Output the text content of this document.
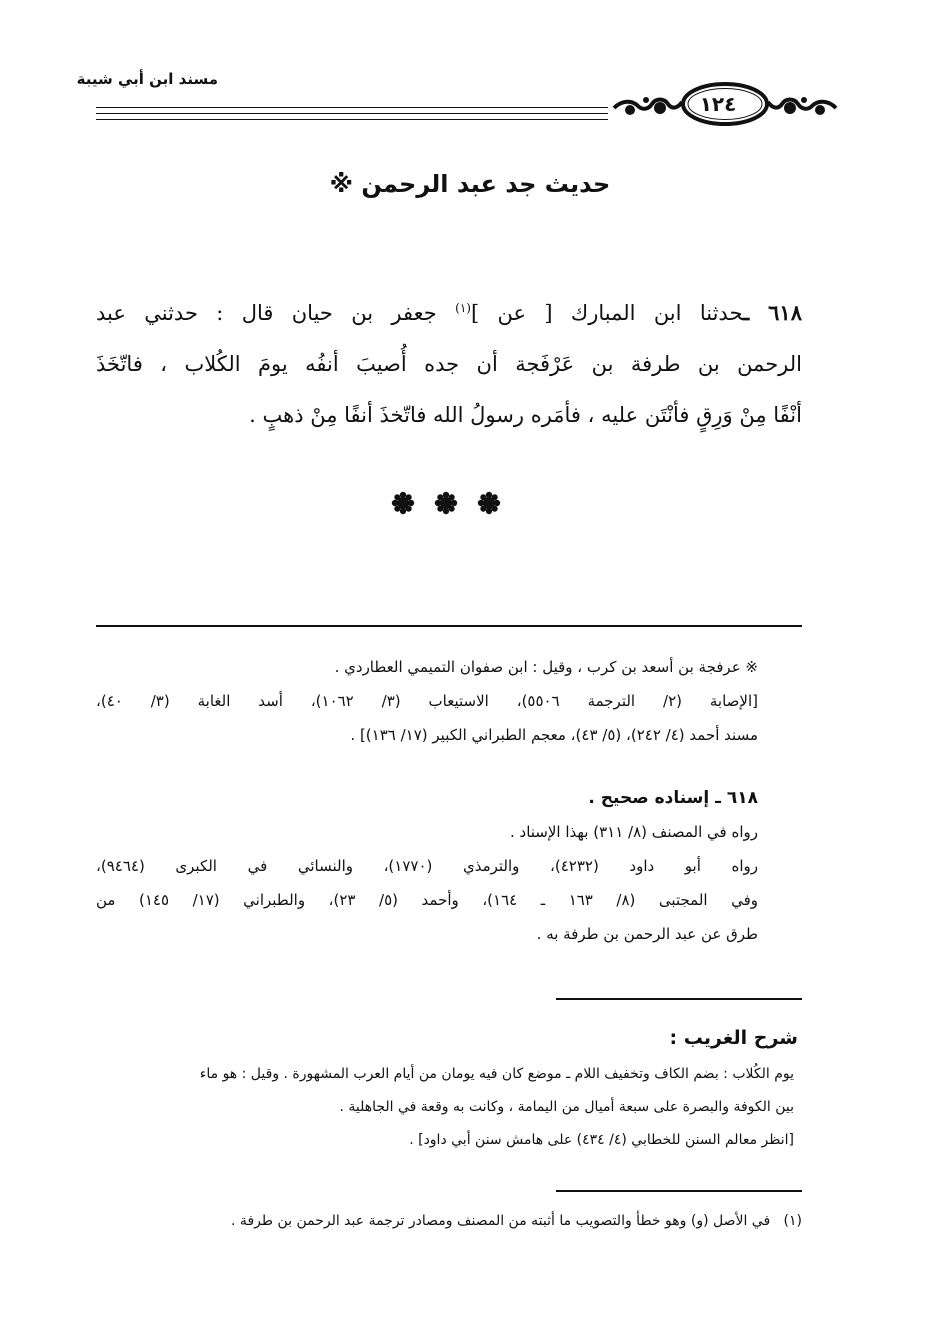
مسند ابن أبي شيبة
١٢٤
حديث جد عبد الرحمن ※
٦١٨ ـحدثنا ابن المبارك [ عن ]$^{(١)}$ جعفر بن حيان قال : حدثني عبد
الرحمن بن طرفة بن عَرْفَجة أن جده أُصيبَ أنفُه يومَ الكُلاب ، فاتّخَذَ
أنْفًا مِنْ وَرِقٍ فأنْتَن عليه ، فأمَره رسولُ الله فاتّخذَ أنفًا مِنْ ذهبٍ .
※ عرفجة بن أسعد بن كرب ، وقيل : ابن صفوان التميمي العطاردي .
[الإصابة (٢/ الترجمة ٥٥٠٦)، الاستيعاب (٣/ ١٠٦٢)، أسد الغابة (٣/ ٤٠)،
مسند أحمد (٤/ ٢٤٢)، (٥/ ٤٣)، معجم الطبراني الكبير (١٧/ ١٣٦)] .
٦١٨ ـ إسناده صحيح .
رواه في المصنف (٨/ ٣١١) بهذا الإسناد .
رواه أبو داود (٤٢٣٢)، والترمذي (١٧٧٠)، والنسائي في الكبرى (٩٤٦٤)،
وفي المجتبى (٨/ ١٦٣ ـ ١٦٤)، وأحمد (٥/ ٢٣)، والطبراني (١٧/ ١٤٥) من
طرق عن عبد الرحمن بن طرفة به .
شرح الغريب :
يوم الكُلاب : بضم الكاف وتخفيف اللام ـ موضع كان فيه يومان من أيام العرب المشهورة . وقيل : هو ماء
بين الكوفة والبصرة على سبعة أميال من اليمامة ، وكانت به وقعة في الجاهلية .
[انظر معالم السنن للخطابي (٤/ ٤٣٤) على هامش سنن أبي داود] .
(١)   في الأصل (و) وهو خطأ والتصويب ما أثبته من المصنف ومصادر ترجمة عبد الرحمن بن طرفة .
